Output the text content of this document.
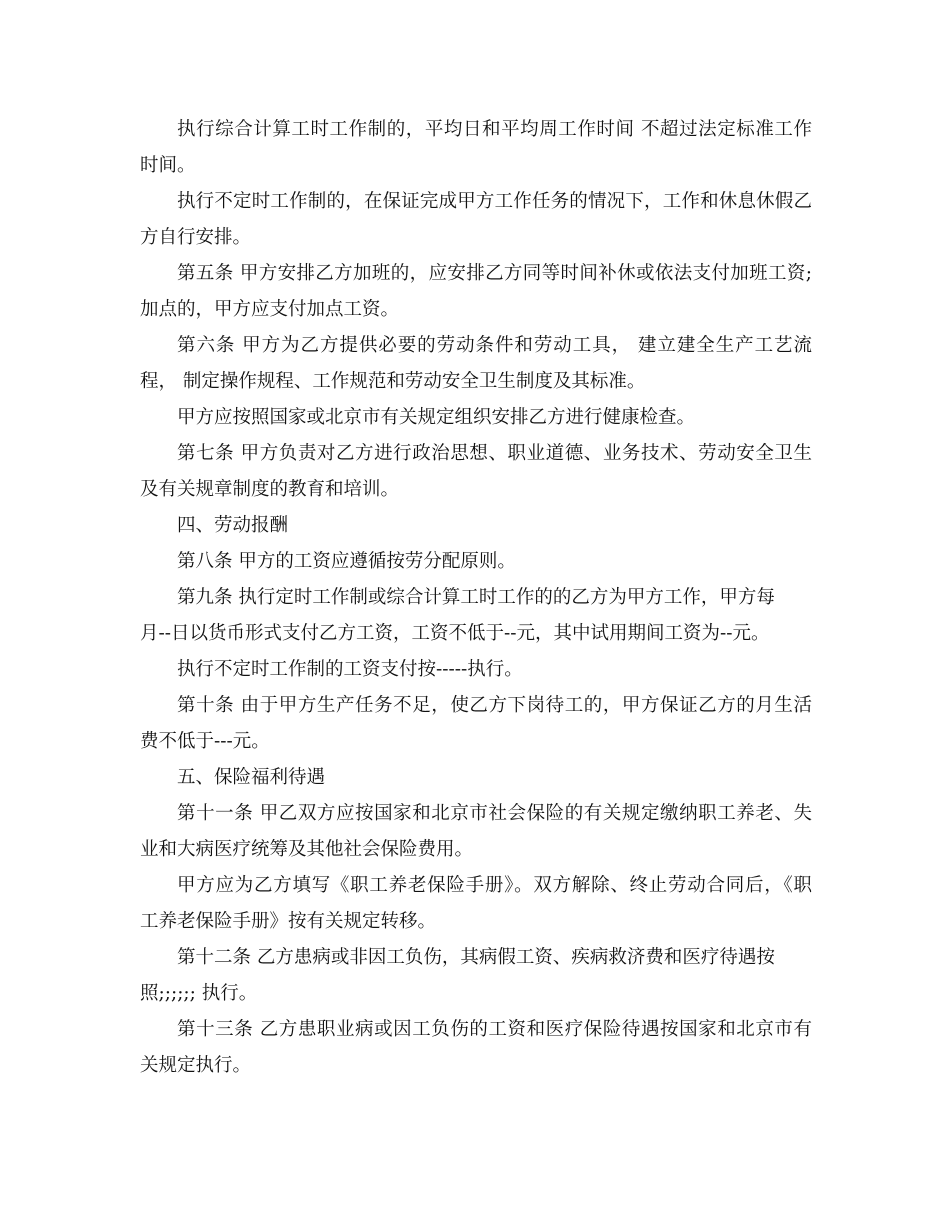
执行综合计算工时工作制的，平均日和平均周工作时间 不超过法定标准工作
时间。
执行不定时工作制的，在保证完成甲方工作任务的情况下，工作和休息休假乙
方自行安排。
第五条 甲方安排乙方加班的，应安排乙方同等时间补休或依法支付加班工资;
加点的，甲方应支付加点工资。
第六条 甲方为乙方提供必要的劳动条件和劳动工具， 建立建全生产工艺流
程， 制定操作规程、工作规范和劳动安全卫生制度及其标准。
甲方应按照国家或北京市有关规定组织安排乙方进行健康检查。
第七条 甲方负责对乙方进行政治思想、职业道德、业务技术、劳动安全卫生
及有关规章制度的教育和培训。
四、劳动报酬
第八条 甲方的工资应遵循按劳分配原则。
第九条 执行定时工作制或综合计算工时工作的的乙方为甲方工作，甲方每
月--日以货币形式支付乙方工资，工资不低于--元，其中试用期间工资为--元。
执行不定时工作制的工资支付按-----执行。
第十条 由于甲方生产任务不足，使乙方下岗待工的，甲方保证乙方的月生活
费不低于---元。
五、保险福利待遇
第十一条 甲乙双方应按国家和北京市社会保险的有关规定缴纳职工养老、失
业和大病医疗统筹及其他社会保险费用。
甲方应为乙方填写《职工养老保险手册》。双方解除、终止劳动合同后，《职
工养老保险手册》按有关规定转移。
第十二条 乙方患病或非因工负伤，其病假工资、疾病救济费和医疗待遇按
照;;;;;; 执行。
第十三条 乙方患职业病或因工负伤的工资和医疗保险待遇按国家和北京市有
关规定执行。
